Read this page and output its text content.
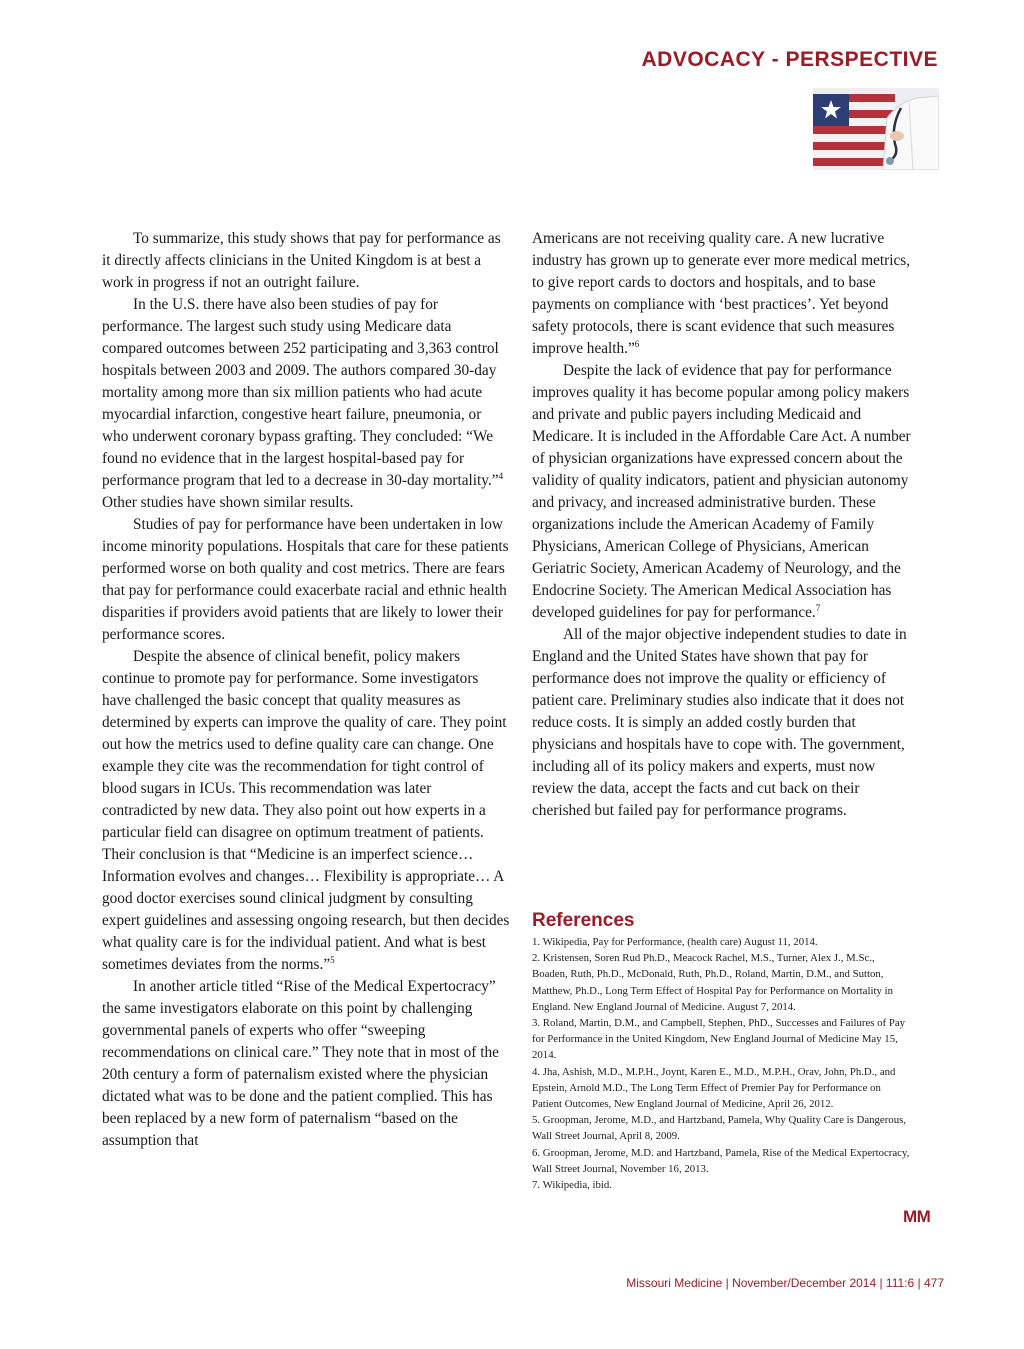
ADVOCACY - PERSPECTIVE

To summarize, this study shows that pay for performance as it directly affects clinicians in the United Kingdom is at best a work in progress if not an outright failure.

In the U.S. there have also been studies of pay for performance. The largest such study using Medicare data compared outcomes between 252 participating and 3,363 control hospitals between 2003 and 2009. The authors compared 30-day mortality among more than six million patients who had acute myocardial infarction, congestive heart failure, pneumonia, or who underwent coronary bypass grafting. They concluded: “We found no evidence that in the largest hospital-based pay for performance program that led to a decrease in 30-day mortality.”$^4$ Other studies have shown similar results.

Studies of pay for performance have been undertaken in low income minority populations. Hospitals that care for these patients performed worse on both quality and cost metrics. There are fears that pay for performance could exacerbate racial and ethnic health disparities if providers avoid patients that are likely to lower their performance scores.

Despite the absence of clinical benefit, policy makers continue to promote pay for performance. Some investigators have challenged the basic concept that quality measures as determined by experts can improve the quality of care. They point out how the metrics used to define quality care can change. One example they cite was the recommendation for tight control of blood sugars in ICUs. This recommendation was later contradicted by new data. They also point out how experts in a particular field can disagree on optimum treatment of patients. Their conclusion is that “Medicine is an imperfect science… Information evolves and changes… Flexibility is appropriate… A good doctor exercises sound clinical judgment by consulting expert guidelines and assessing ongoing research, but then decides what quality care is for the individual patient. And what is best sometimes deviates from the norms.”$^5$

In another article titled “Rise of the Medical Expertocracy” the same investigators elaborate on this point by challenging governmental panels of experts who offer “sweeping recommendations on clinical care.” They note that in most of the 20th century a form of paternalism existed where the physician dictated what was to be done and the patient complied. This has been replaced by a new form of paternalism “based on the assumption that

Americans are not receiving quality care. A new lucrative industry has grown up to generate ever more medical metrics, to give report cards to doctors and hospitals, and to base payments on compliance with ‘best practices’. Yet beyond safety protocols, there is scant evidence that such measures improve health.”$^6$

Despite the lack of evidence that pay for performance improves quality it has become popular among policy makers and private and public payers including Medicaid and Medicare. It is included in the Affordable Care Act. A number of physician organizations have expressed concern about the validity of quality indicators, patient and physician autonomy and privacy, and increased administrative burden. These organizations include the American Academy of Family Physicians, American College of Physicians, American Geriatric Society, American Academy of Neurology, and the Endocrine Society. The American Medical Association has developed guidelines for pay for performance.$^7$

All of the major objective independent studies to date in England and the United States have shown that pay for performance does not improve the quality or efficiency of patient care. Preliminary studies also indicate that it does not reduce costs. It is simply an added costly burden that physicians and hospitals have to cope with. The government, including all of its policy makers and experts, must now review the data, accept the facts and cut back on their cherished but failed pay for performance programs.

References

1. Wikipedia, Pay for Performance, (health care) August 11, 2014.

2. Kristensen, Soren Rud Ph.D., Meacock Rachel, M.S., Turner, Alex J., M.Sc., Boaden, Ruth, Ph.D., McDonald, Ruth, Ph.D., Roland, Martin, D.M., and Sutton, Matthew, Ph.D., Long Term Effect of Hospital Pay for Performance on Mortality in England. New England Journal of Medicine. August 7, 2014.

3. Roland, Martin, D.M., and Campbell, Stephen, PhD., Successes and Failures of Pay for Performance in the United Kingdom, New England Journal of Medicine May 15, 2014.

4. Jha, Ashish, M.D., M.P.H., Joynt, Karen E., M.D., M.P.H., Orav, John, Ph.D., and Epstein, Arnold M.D., The Long Term Effect of Premier Pay for Performance on Patient Outcomes, New England Journal of Medicine, April 26, 2012.

5. Groopman, Jerome, M.D., and Hartzband, Pamela, Why Quality Care is Dangerous, Wall Street Journal, April 8, 2009.

6. Groopman, Jerome, M.D. and Hartzband, Pamela, Rise of the Medical Expertocracy, Wall Street Journal, November 16, 2013.

7. Wikipedia, ibid.

MM
Missouri Medicine | November/December 2014 | 111:6 | 477
